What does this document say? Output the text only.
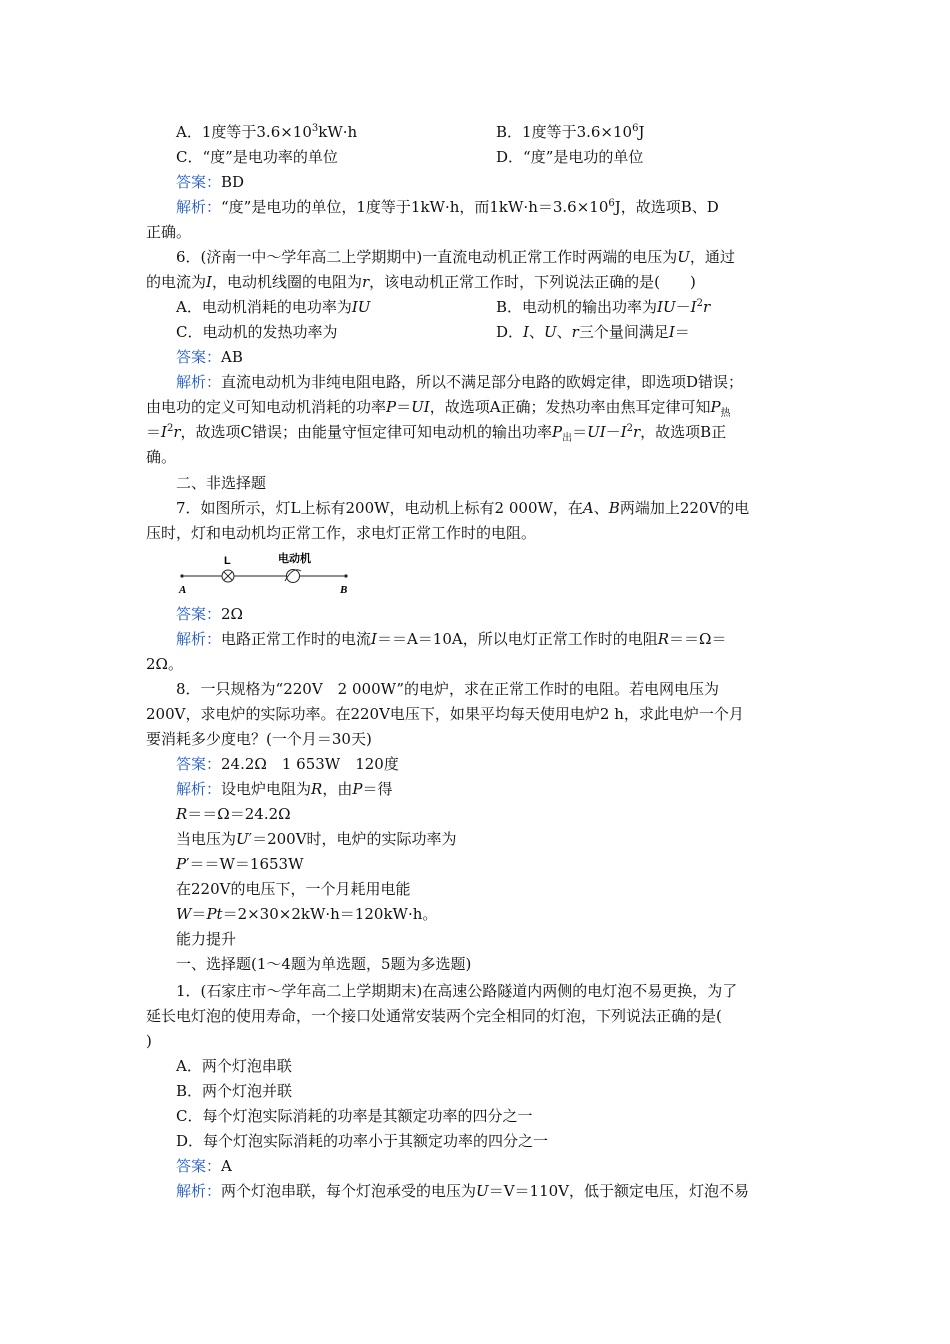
A．1度等于$3.6\times 10^3kW\cdot h$	B．1度等于$3.6\times 10^6J$
C．“度”是电功率的单位	D．“度”是电功的单位
答案：BD
解析：“度”是电功的单位，1度等于1kW·h，而$1kW\cdot h=3.6\times 10^6J$，故选项B、D
正确。
6．(济南一中～学年高二上学期期中)一直流电动机正常工作时两端的电压为U，通过
的电流为I，电动机线圈的电阻为r，该电动机正常工作时，下列说法正确的是(　　)
A．电动机消耗的电功率为IU	B．电动机的输出功率为$IU-I^2r$
C．电动机的发热功率为	D．I、U、r三个量间满足I＝
答案：AB
解析：直流电动机为非纯电阻电路，所以不满足部分电路的欧姆定律，即选项D错误；
由电功的定义可知电动机消耗的功率P＝UI，故选项A正确；发热功率由焦耳定律可知$P_热$
$=I^2r$，故选项C错误；由能量守恒定律可知电动机的输出功率$P_出=UI-I^2r$，故选项B正
确。
二、非选择题
7．如图所示，灯L上标有200W，电动机上标有2 000W，在A、B两端加上220V的电
压时，灯和电动机均正常工作，求电灯正常工作时的电阻。
L	电动机
A	B
答案：2Ω
解析：电路正常工作时的电流I＝＝A＝10A，所以电灯正常工作时的电阻R＝＝Ω＝
2Ω。
8．一只规格为“220V　2 000W”的电炉，求在正常工作时的电阻。若电网电压为
200V，求电炉的实际功率。在220V电压下，如果平均每天使用电炉2 h，求此电炉一个月
要消耗多少度电？(一个月＝30天)
答案：24.2Ω　1 653W　120度
解析：设电炉电阻为R，由P＝得
R＝＝Ω＝24.2Ω
当电压为U′＝200V时，电炉的实际功率为
P′＝＝W＝1653W
在220V的电压下，一个月耗用电能
W＝Pt＝2×30×2kW·h＝120kW·h。
能力提升
一、选择题(1～4题为单选题，5题为多选题)
1．(石家庄市～学年高二上学期期末)在高速公路隧道内两侧的电灯泡不易更换，为了
延长电灯泡的使用寿命，一个接口处通常安装两个完全相同的灯泡，下列说法正确的是(
)
A．两个灯泡串联
B．两个灯泡并联
C．每个灯泡实际消耗的功率是其额定功率的四分之一
D．每个灯泡实际消耗的功率小于其额定功率的四分之一
答案：A
解析：两个灯泡串联，每个灯泡承受的电压为U＝V＝110V，低于额定电压，灯泡不易
